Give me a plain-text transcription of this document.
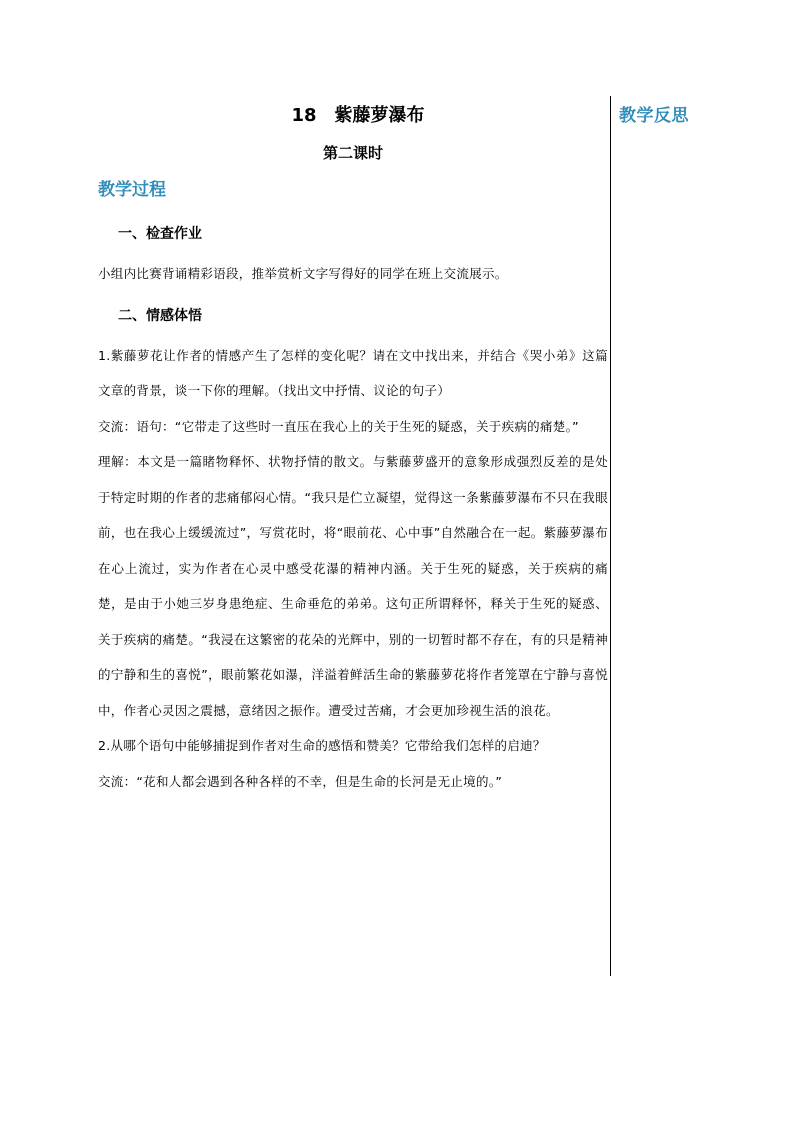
18 紫藤萝瀑布
第二课时
教学过程
一、检查作业

小组内比赛背诵精彩语段，推举赏析文字写得好的同学在班上交流展示。

二、情感体悟

1.紫藤萝花让作者的情感产生了怎样的变化呢？请在文中找出来，并结合《哭小弟》这篇文章的背景，谈一下你的理解。（找出文中抒情、议论的句子）

交流：语句：“它带走了这些时一直压在我心上的关于生死的疑惑，关于疾病的痛楚。”

理解：本文是一篇睹物释怀、状物抒情的散文。与紫藤萝盛开的意象形成强烈反差的是处于特定时期的作者的悲痛郁闷心情。“我只是伫立凝望，觉得这一条紫藤萝瀑布不只在我眼前，也在我心上缓缓流过”，写赏花时，将“眼前花、心中事”自然融合在一起。紫藤萝瀑布在心上流过，实为作者在心灵中感受花瀑的精神内涵。关于生死的疑惑，关于疾病的痛楚，是由于小她三岁身患绝症、生命垂危的弟弟。这句正所谓释怀，释关于生死的疑惑、关于疾病的痛楚。“我浸在这繁密的花朵的光辉中，别的一切暂时都不存在，有的只是精神的宁静和生的喜悦”，眼前繁花如瀑，洋溢着鲜活生命的紫藤萝花将作者笼罩在宁静与喜悦中，作者心灵因之震撼，意绪因之振作。遭受过苦痛，才会更加珍视生活的浪花。

2.从哪个语句中能够捕捉到作者对生命的感悟和赞美？它带给我们怎样的启迪？

交流：“花和人都会遇到各种各样的不幸，但是生命的长河是无止境的。”

教学反思
